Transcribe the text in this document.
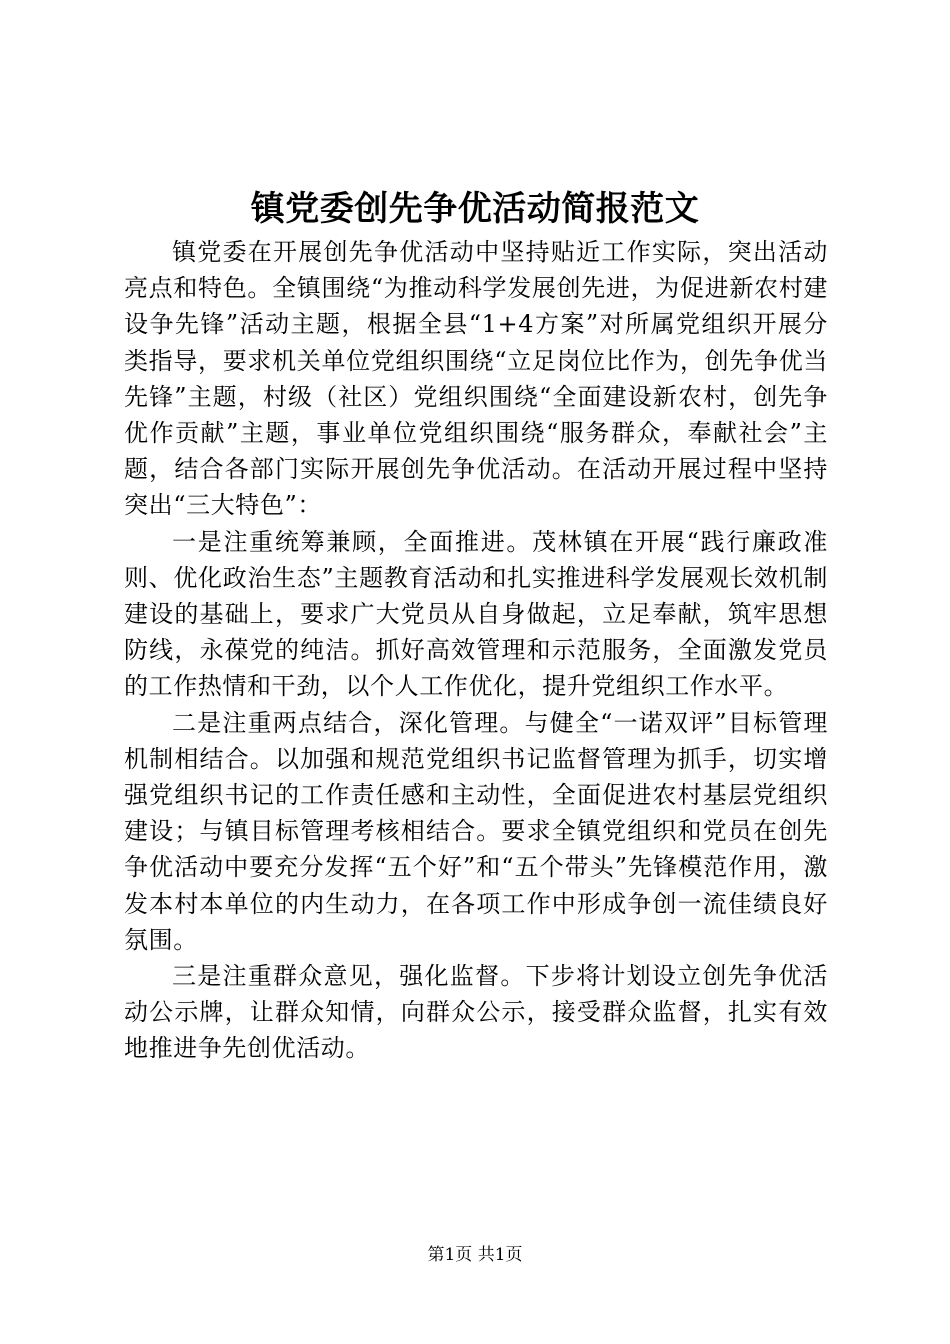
镇党委创先争优活动简报范文

镇党委在开展创先争优活动中坚持贴近工作实际，突出活动亮点和特色。全镇围绕“为推动科学发展创先进，为促进新农村建设争先锋”活动主题，根据全县“1+4方案”对所属党组织开展分类指导，要求机关单位党组织围绕“立足岗位比作为，创先争优当先锋”主题，村级（社区）党组织围绕“全面建设新农村，创先争优作贡献”主题，事业单位党组织围绕“服务群众，奉献社会”主题，结合各部门实际开展创先争优活动。在活动开展过程中坚持突出“三大特色”：

一是注重统筹兼顾，全面推进。茂林镇在开展“践行廉政准则、优化政治生态”主题教育活动和扎实推进科学发展观长效机制建设的基础上，要求广大党员从自身做起，立足奉献，筑牢思想防线，永葆党的纯洁。抓好高效管理和示范服务，全面激发党员的工作热情和干劲，以个人工作优化，提升党组织工作水平。

二是注重两点结合，深化管理。与健全“一诺双评”目标管理机制相结合。以加强和规范党组织书记监督管理为抓手，切实增强党组织书记的工作责任感和主动性，全面促进农村基层党组织建设；与镇目标管理考核相结合。要求全镇党组织和党员在创先争优活动中要充分发挥“五个好”和“五个带头”先锋模范作用，激发本村本单位的内生动力，在各项工作中形成争创一流佳绩良好氛围。

三是注重群众意见，强化监督。下步将计划设立创先争优活动公示牌，让群众知情，向群众公示，接受群众监督，扎实有效地推进争先创优活动。

第1页 共1页
